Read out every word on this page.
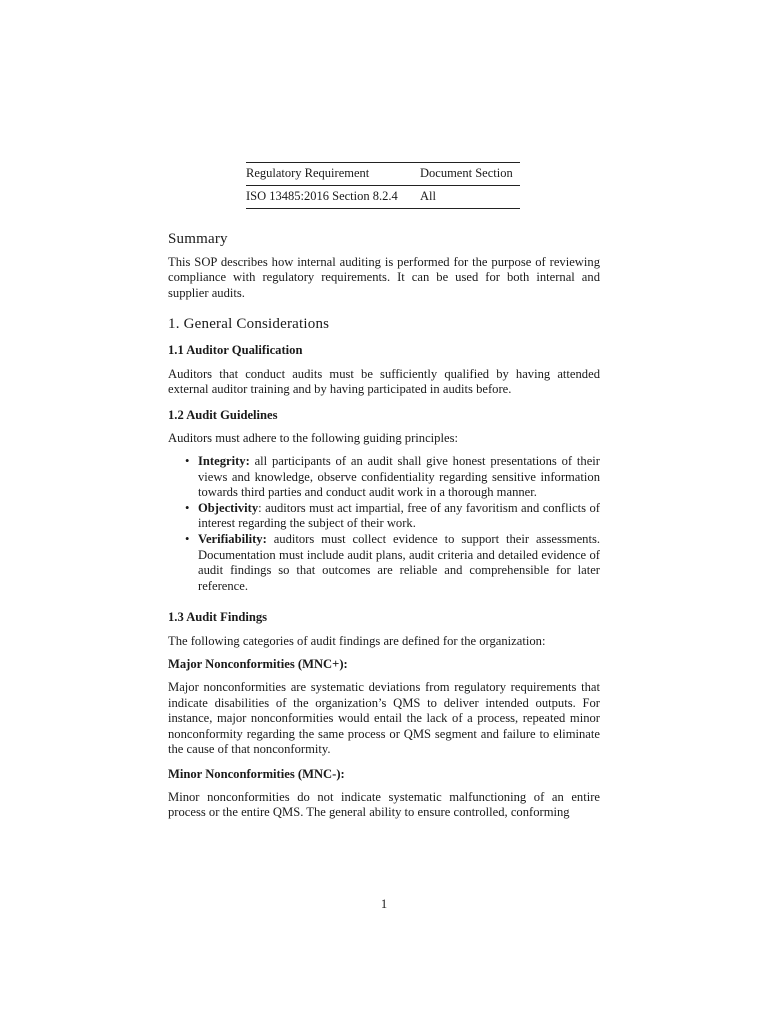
Regulatory Requirement	Document Section
ISO 13485:2016 Section 8.2.4	All
Summary

This SOP describes how internal auditing is performed for the purpose of reviewing compliance with regulatory requirements. It can be used for both internal and supplier audits.

1. General Considerations
1.1 Auditor Qualification

Auditors that conduct audits must be sufficiently qualified by having attended external auditor training and by having participated in audits before.

1.2 Audit Guidelines

Auditors must adhere to the following guiding principles:

• Integrity: all participants of an audit shall give honest presentations of their views and knowledge, observe confidentiality regarding sensitive information towards third parties and conduct audit work in a thorough manner.
• Objectivity: auditors must act impartial, free of any favoritism and conflicts of interest regarding the subject of their work.
• Verifiability: auditors must collect evidence to support their assessments. Documentation must include audit plans, audit criteria and detailed evidence of audit findings so that outcomes are reliable and comprehensible for later reference.
1.3 Audit Findings

The following categories of audit findings are defined for the organization:

Major Nonconformities (MNC+):

Major nonconformities are systematic deviations from regulatory requirements that indicate disabilities of the organization’s QMS to deliver intended outputs. For instance, major nonconformities would entail the lack of a process, repeated minor nonconformity regarding the same process or QMS segment and failure to eliminate the cause of that nonconformity.

Minor Nonconformities (MNC-):

Minor nonconformities do not indicate systematic malfunctioning of an entire process or the entire QMS. The general ability to ensure controlled, conforming

1
